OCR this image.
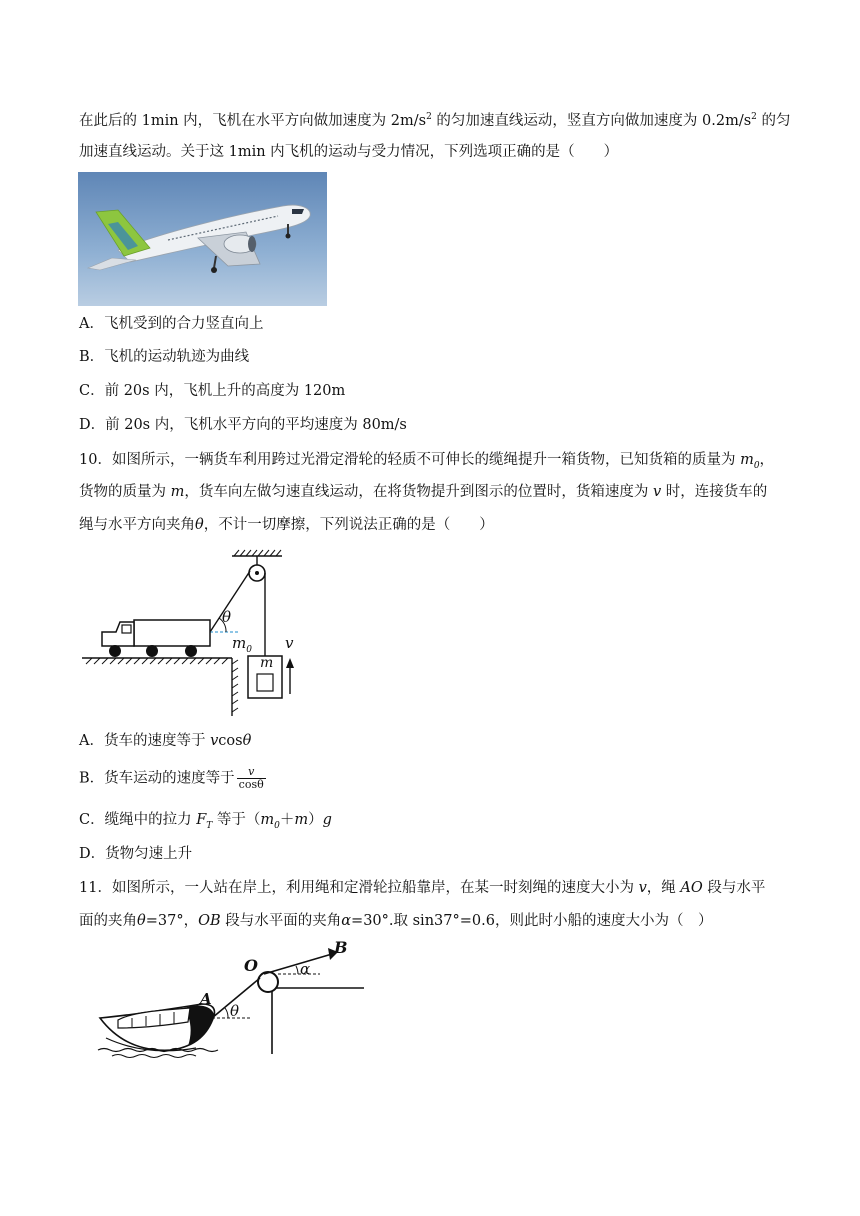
在此后的 1min 内，飞机在水平方向做加速度为 $2m/s^2$ 的匀加速直线运动，竖直方向做加速度为 $0.2m/s^2$ 的匀
加速直线运动。关于这 1min 内飞机的运动与受力情况，下列选项正确的是（　　）
A．飞机受到的合力竖直向上
B．飞机的运动轨迹为曲线
C．前 20s 内，飞机上升的高度为 120m
D．前 20s 内，飞机水平方向的平均速度为 80m/s
10．如图所示，一辆货车利用跨过光滑定滑轮的轻质不可伸长的缆绳提升一箱货物，已知货箱的质量为 $m_0$，
货物的质量为 m，货车向左做匀速直线运动，在将货物提升到图示的位置时，货箱速度为 v 时，连接货车的
绳与水平方向夹角θ，不计一切摩擦，下列说法正确的是（　　）
θ
$m_0$
m
v
A．货车的速度等于 vcosθ
B．货车运动的速度等于 $\frac{v}{\cos\theta}$
C．缆绳中的拉力 $F_T$ 等于$(m_0+m)g$
D．货物匀速上升
11．如图所示，一人站在岸上，利用绳和定滑轮拉船靠岸，在某一时刻绳的速度大小为 v，绳 AO 段与水平
面的夹角θ=37°，OB 段与水平面的夹角α=30°.取 sin37°=0.6，则此时小船的速度大小为（　）
O
B
A
α
θ
